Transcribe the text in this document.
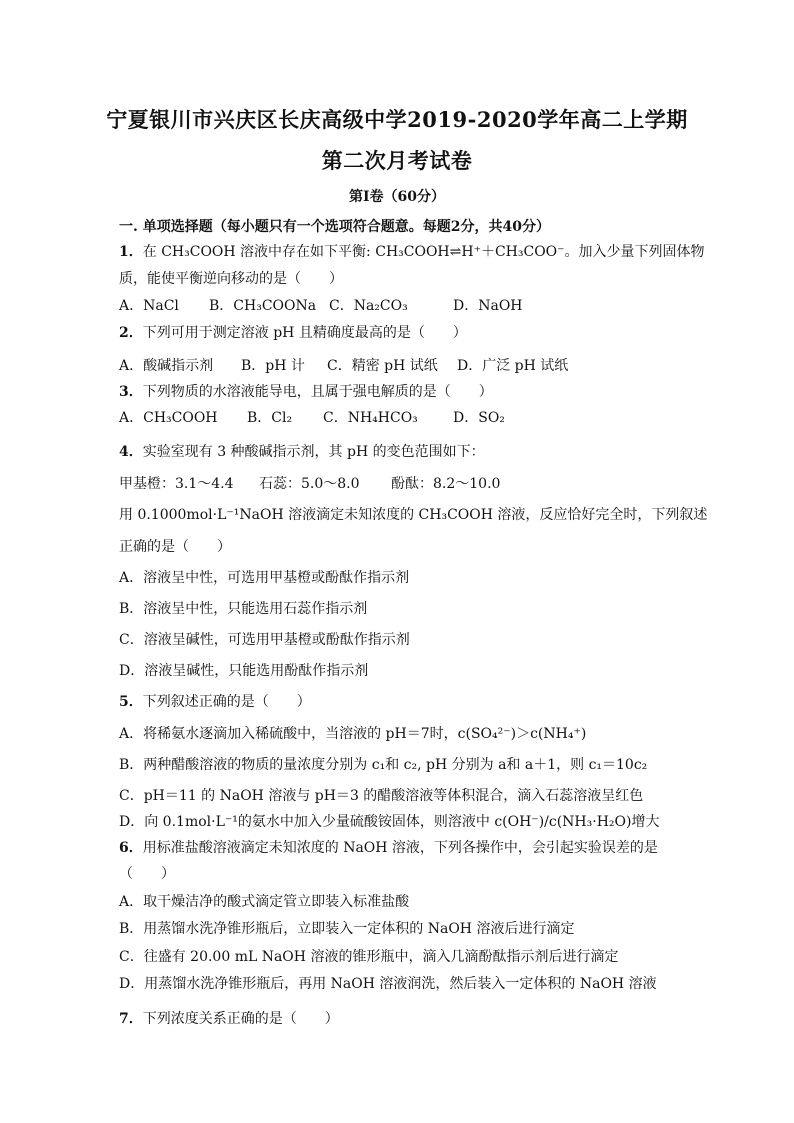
宁夏银川市兴庆区长庆高级中学2019-2020学年高二上学期
第二次月考试卷
第I卷（60分）
一. 单项选择题（每小题只有一个选项符合题意。每题2分，共40分）
1．在 CH₃COOH 溶液中存在如下平衡: CH₃COOH⇌H⁺＋CH₃COO⁻。加入少量下列固体物
质，能使平衡逆向移动的是（　　）
A．NaCl B．CH₃COONa C．Na₂CO₃	D．NaOH
2．下列可用于测定溶液 pH 且精确度最高的是（　　）
A．酸碱指示剂 B．pH 计 C．精密 pH 试纸 D．广泛 pH 试纸
3．下列物质的水溶液能导电，且属于强电解质的是（　　）
A．CH₃COOH B．Cl₂ C．NH₄HCO₃	D．SO₂
4．实验室现有 3 种酸碱指示剂，其 pH 的变色范围如下：
甲基橙：3.1～4.4 石蕊：5.0～8.0 酚酞：8.2～10.0
用 0.1000mol·L⁻¹NaOH 溶液滴定未知浓度的 CH₃COOH 溶液，反应恰好完全时，下列叙述
正确的是（　　）
A．溶液呈中性，可选用甲基橙或酚酞作指示剂
B．溶液呈中性，只能选用石蕊作指示剂
C．溶液呈碱性，可选用甲基橙或酚酞作指示剂
D．溶液呈碱性，只能选用酚酞作指示剂
5．下列叙述正确的是（　　）
A．将稀氨水逐滴加入稀硫酸中，当溶液的 pH＝7时，c(SO₄²⁻)＞c(NH₄⁺)
B．两种醋酸溶液的物质的量浓度分别为 c₁和 c₂, pH 分别为 a和 a＋1，则 c₁＝10c₂
C．pH＝11 的 NaOH 溶液与 pH＝3 的醋酸溶液等体积混合，滴入石蕊溶液呈红色
D．向 0.1mol·L⁻¹的氨水中加入少量硫酸铵固体，则溶液中 c(OH⁻)/c(NH₃·H₂O)增大
6．用标准盐酸溶液滴定未知浓度的 NaOH 溶液，下列各操作中，会引起实验误差的是
（　　）
A．取干燥洁净的酸式滴定管立即装入标准盐酸
B．用蒸馏水洗净锥形瓶后，立即装入一定体积的 NaOH 溶液后进行滴定
C．往盛有 20.00 mL NaOH 溶液的锥形瓶中，滴入几滴酚酞指示剂后进行滴定
D．用蒸馏水洗净锥形瓶后，再用 NaOH 溶液润洗，然后装入一定体积的 NaOH 溶液
7．下列浓度关系正确的是（　　）
